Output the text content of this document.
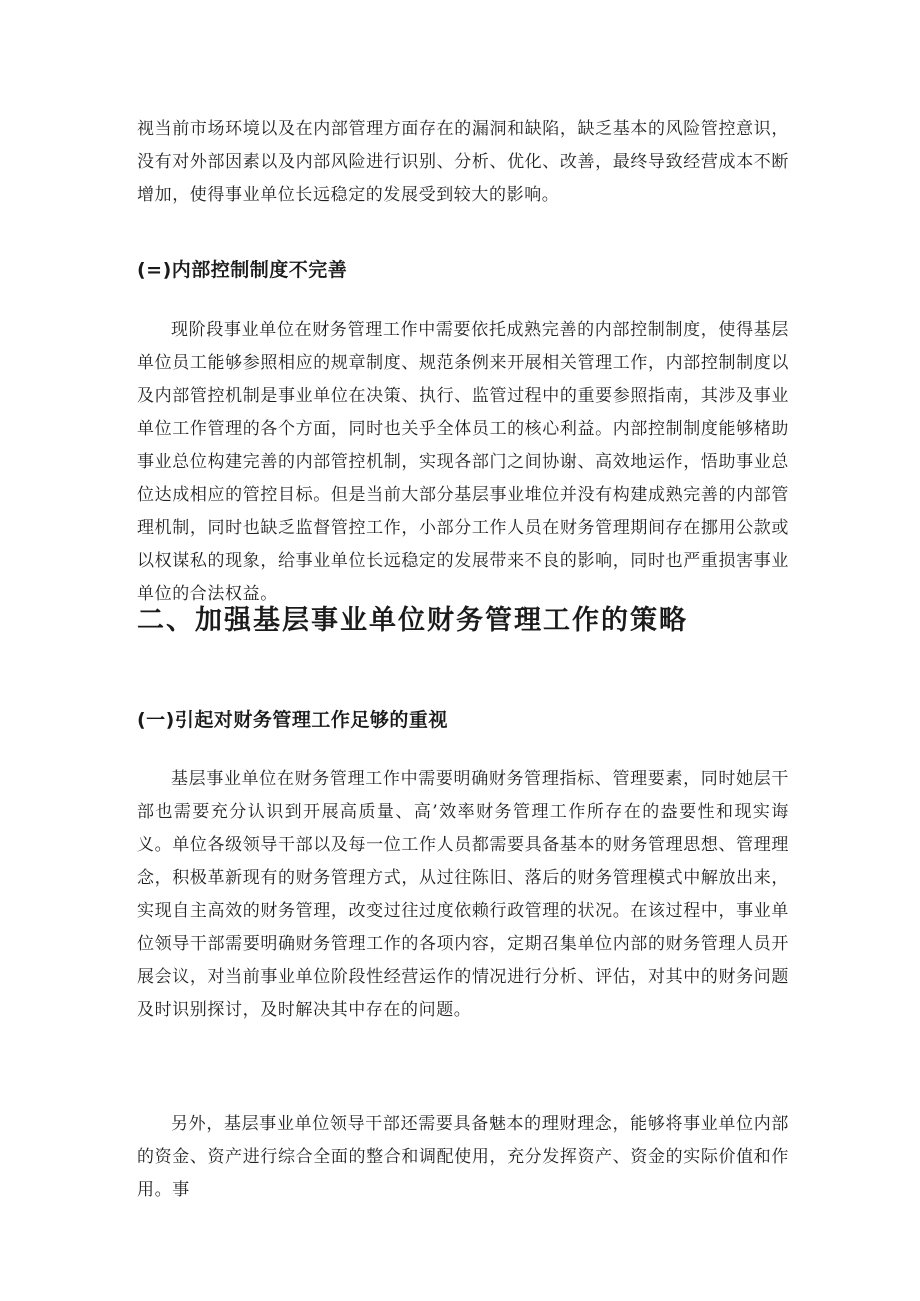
视当前市场环境以及在内部管理方面存在的漏洞和缺陷，缺乏基本的风险管控意识，没有对外部因素以及内部风险进行识别、分析、优化、改善，最终导致经营成本不断增加，使得事业单位长远稳定的发展受到较大的影响。

(=)内部控制制度不完善

现阶段事业单位在财务管理工作中需要依托成熟完善的内部控制制度，使得基层单位员工能够参照相应的规章制度、规范条例来开展相关管理工作，内部控制制度以及内部管控机制是事业单位在决策、执行、监管过程中的重要参照指南，其涉及事业单位工作管理的各个方面，同时也关乎全体员工的核心利益。内部控制制度能够楮助事业总位构建完善的内部管控机制，实现各部门之间协谢、高效地运作，悟助事业总位达成相应的管控目标。但是当前大部分基层事业堆位并没有构建成熟完善的内部管理机制，同时也缺乏监督管控工作，小部分工作人员在财务管理期间存在挪用公款或以权谋私的现象，给事业单位长远稳定的发展带来不良的影响，同时也严重损害事业单位的合法权益。

二、加强基层事业单位财务管理工作的策略
(一)引起对财务管理工作足够的重视

基层事业单位在财务管理工作中需要明确财务管理指标、管理要素，同时她层干部也需要充分认识到开展高质量、高’效率财务管理工作所存在的盎要性和现实诲义。单位各级领导干部以及每一位工作人员都需要具备基本的财务管理思想、管理理念，积极革新现有的财务管理方式，从过往陈旧、落后的财务管理模式中解放出来，实现自主高效的财务管理，改变过往过度依赖行政管理的状况。在该过程中，事业单位领导干部需要明确财务管理工作的各项内容，定期召集单位内部的财务管理人员开展会议，对当前事业单位阶段性经营运作的情况进行分析、评估，对其中的财务问题及时识别探讨，及时解决其中存在的问题。

另外，基层事业单位领导干部还需要具备魅本的理财理念，能够将事业单位内部的资金、资产进行综合全面的整合和调配使用，充分发挥资产、资金的实际价值和作用。事
